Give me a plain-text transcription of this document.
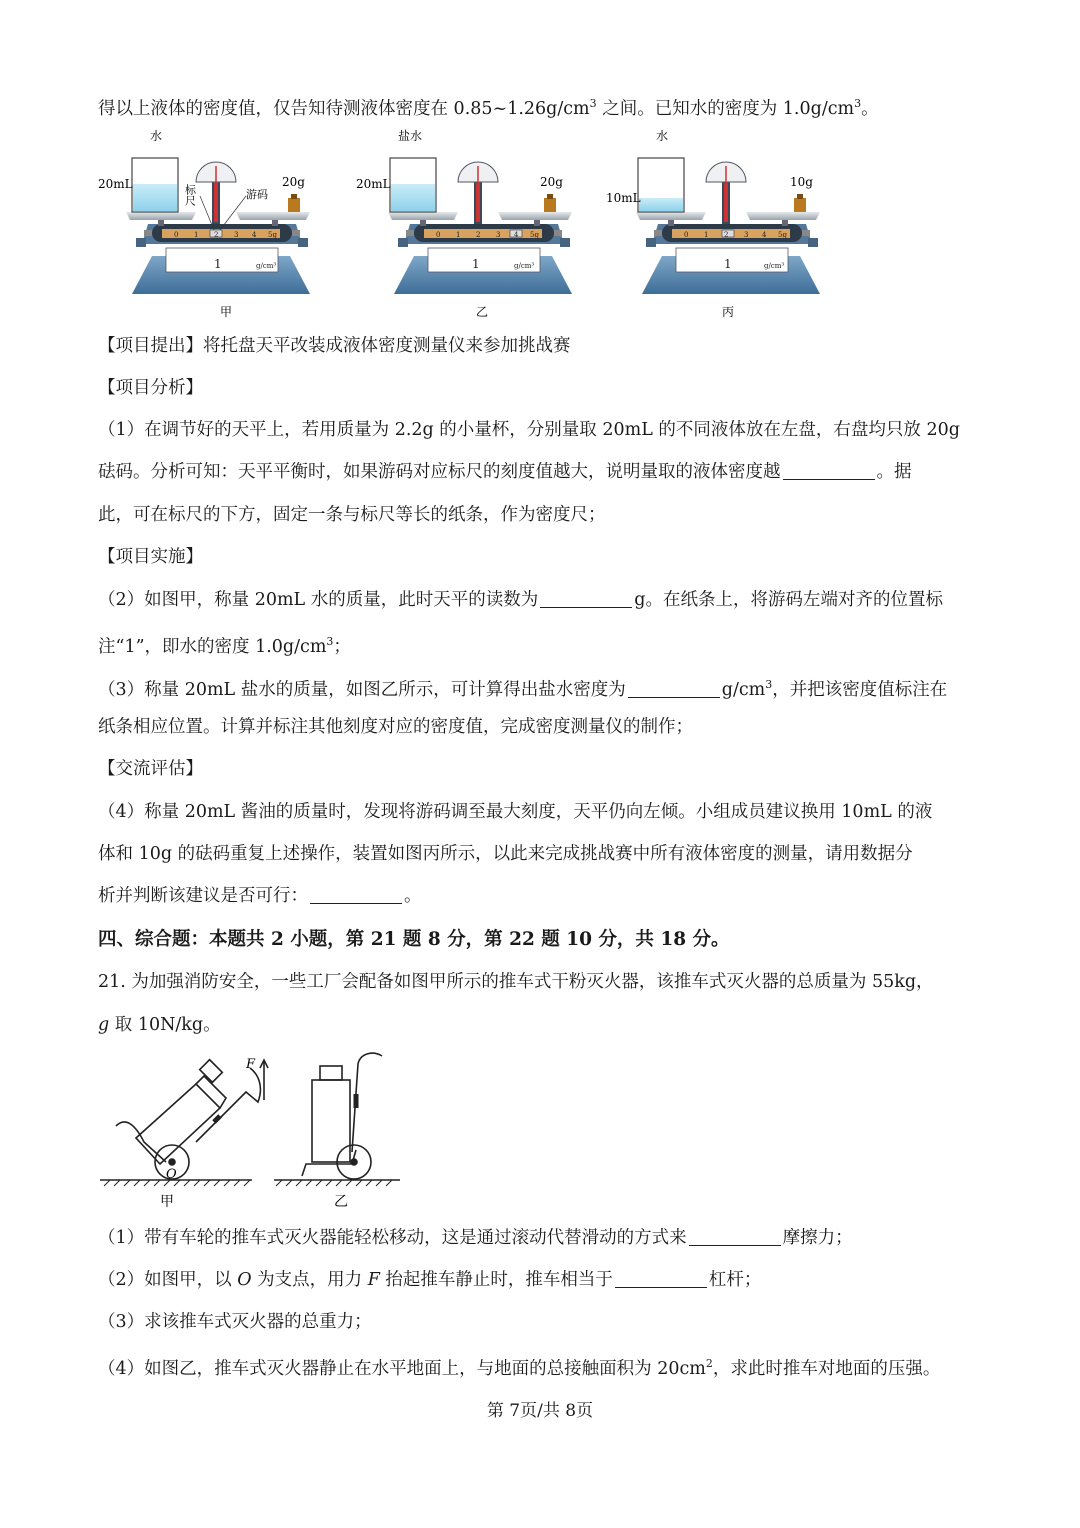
得以上液体的密度值，仅告知待测液体密度在 $0.85\sim 1.26g/cm^3$ 之间。已知水的密度为 $1.0g/cm^3$。
水
20mL	20g
标尺	游码
甲
盐水
20mL	20g
乙
水
10mL
10g
丙
0 1 2 3 4 5g	0 1 2 3 4 5g	0 1 2 3 4 5g
1	g/cm³	1	g/cm³	1	g/cm³
【项目提出】将托盘天平改装成液体密度测量仪来参加挑战赛
【项目分析】
（1）在调节好的天平上，若用质量为 2.2g 的小量杯，分别量取 20mL 的不同液体放在左盘，右盘均只放 20g
砝码。分析可知：天平平衡时，如果游码对应标尺的刻度值越大，说明量取的液体密度越	。据
此，可在标尺的下方，固定一条与标尺等长的纸条，作为密度尺；
【项目实施】
（2）如图甲，称量 20mL 水的质量，此时天平的读数为	g。在纸条上，将游码左端对齐的位置标
注“1”，即水的密度 $1.0g/cm^3$；
（3）称量 20mL 盐水的质量，如图乙所示，可计算得出盐水密度为	$g/cm^3$，并把该密度值标注在
纸条相应位置。计算并标注其他刻度对应的密度值，完成密度测量仪的制作；
【交流评估】
（4）称量 20mL 酱油的质量时，发现将游码调至最大刻度，天平仍向左倾。小组成员建议换用 10mL 的液
体和 10g 的砝码重复上述操作，装置如图丙所示，以此来完成挑战赛中所有液体密度的测量，请用数据分
析并判断该建议是否可行：	。
四、综合题：本题共 2 小题，第 21 题 8 分，第 22 题 10 分，共 18 分。
21. 为加强消防安全，一些工厂会配备如图甲所示的推车式干粉灭火器，该推车式灭火器的总质量为 55kg，
g 取 10N/kg。
F
O
甲	乙
（1）带有车轮的推车式灭火器能轻松移动，这是通过滚动代替滑动的方式来	摩擦力；
（2）如图甲，以 O 为支点，用力 F 抬起推车静止时，推车相当于	杠杆；
（3）求该推车式灭火器的总重力；
（4）如图乙，推车式灭火器静止在水平地面上，与地面的总接触面积为 $20cm^2$，求此时推车对地面的压强。
第 7页/共 8页
